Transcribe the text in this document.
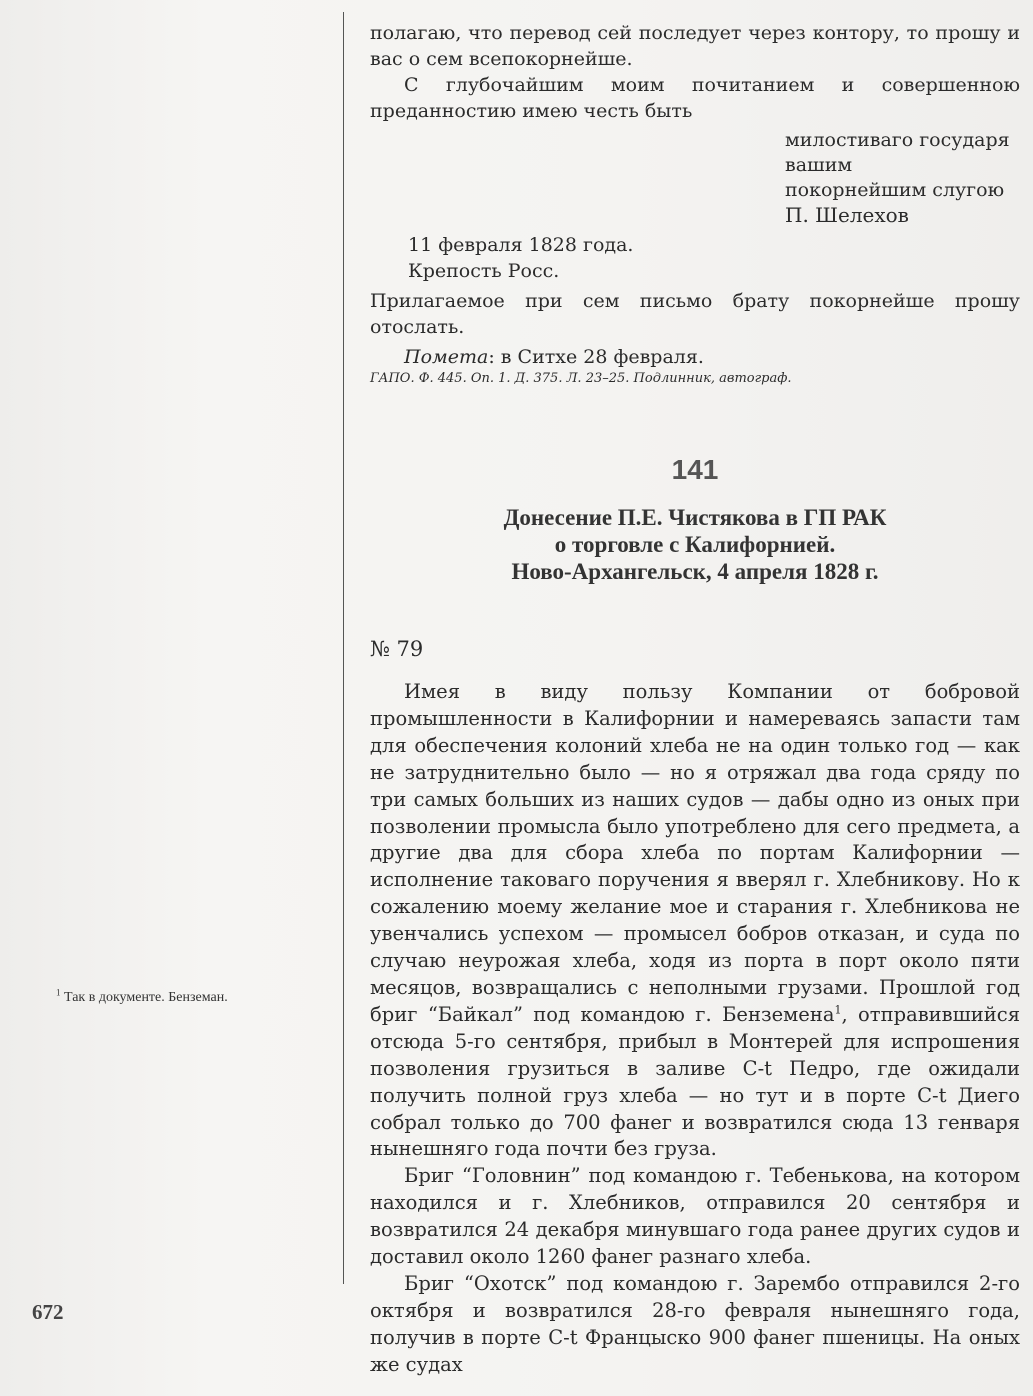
полагаю, что перевод сей последует через контору, то прошу и вас о сем всепокорнейше.

С глубочайшим моим почитанием и совершенною преданностию имею честь быть

милостиваго государя
вашим
покорнейшим слугою
П. Шелехов
11 февраля 1828 года.
Крепость Росс.

Прилагаемое при сем письмо брату покорнейше прошу отослать.

Помета: в Ситхе 28 февраля.

ГАПО. Ф. 445. Оп. 1. Д. 375. Л. 23–25. Подлинник, автограф.

141
Донесение П.Е. Чистякова в ГП РАК
о торговле с Калифорнией.
Ново-Архангельск, 4 апреля 1828 г.
№ 79

Имея в виду пользу Компании от бобровой промышленности в Калифорнии и намереваясь запасти там для обеспечения колоний хлеба не на один только год — как не затруднительно было — но я отряжал два года сряду по три самых больших из наших судов — дабы одно из оных при позволении промысла было употреблено для сего предмета, а другие два для сбора хлеба по портам Калифорнии — исполнение таковаго поручения я вверял г. Хлебникову. Но к сожалению моему желание мое и старания г. Хлебникова не увенчались успехом — промысел бобров отказан, и суда по случаю неурожая хлеба, ходя из порта в порт около пяти месяцов, возвращались с неполными грузами. Прошлой год бриг “Байкал” под командою г. Бенземена$^1$, отправившийся отсюда 5-го сентября, прибыл в Монтерей для испрошения позволения грузиться в заливе С-t Педро, где ожидали получить полной груз хлеба — но тут и в порте С-t Диего собрал только до 700 фанег и возвратился сюда 13 генваря нынешняго года почти без груза.

Бриг “Головнин” под командою г. Тебенькова, на котором находился и г. Хлебников, отправился 20 сентября и возвратился 24 декабря минувшаго года ранее других судов и доставил около 1260 фанег разнаго хлеба.

Бриг “Охотск” под командою г. Зарембо отправился 2-го октября и возвратился 28-го февраля нынешняго года, получив в порте С-t Францыско 900 фанег пшеницы. На оных же судах

$^1$ Так в документе. Бенземан.
672
